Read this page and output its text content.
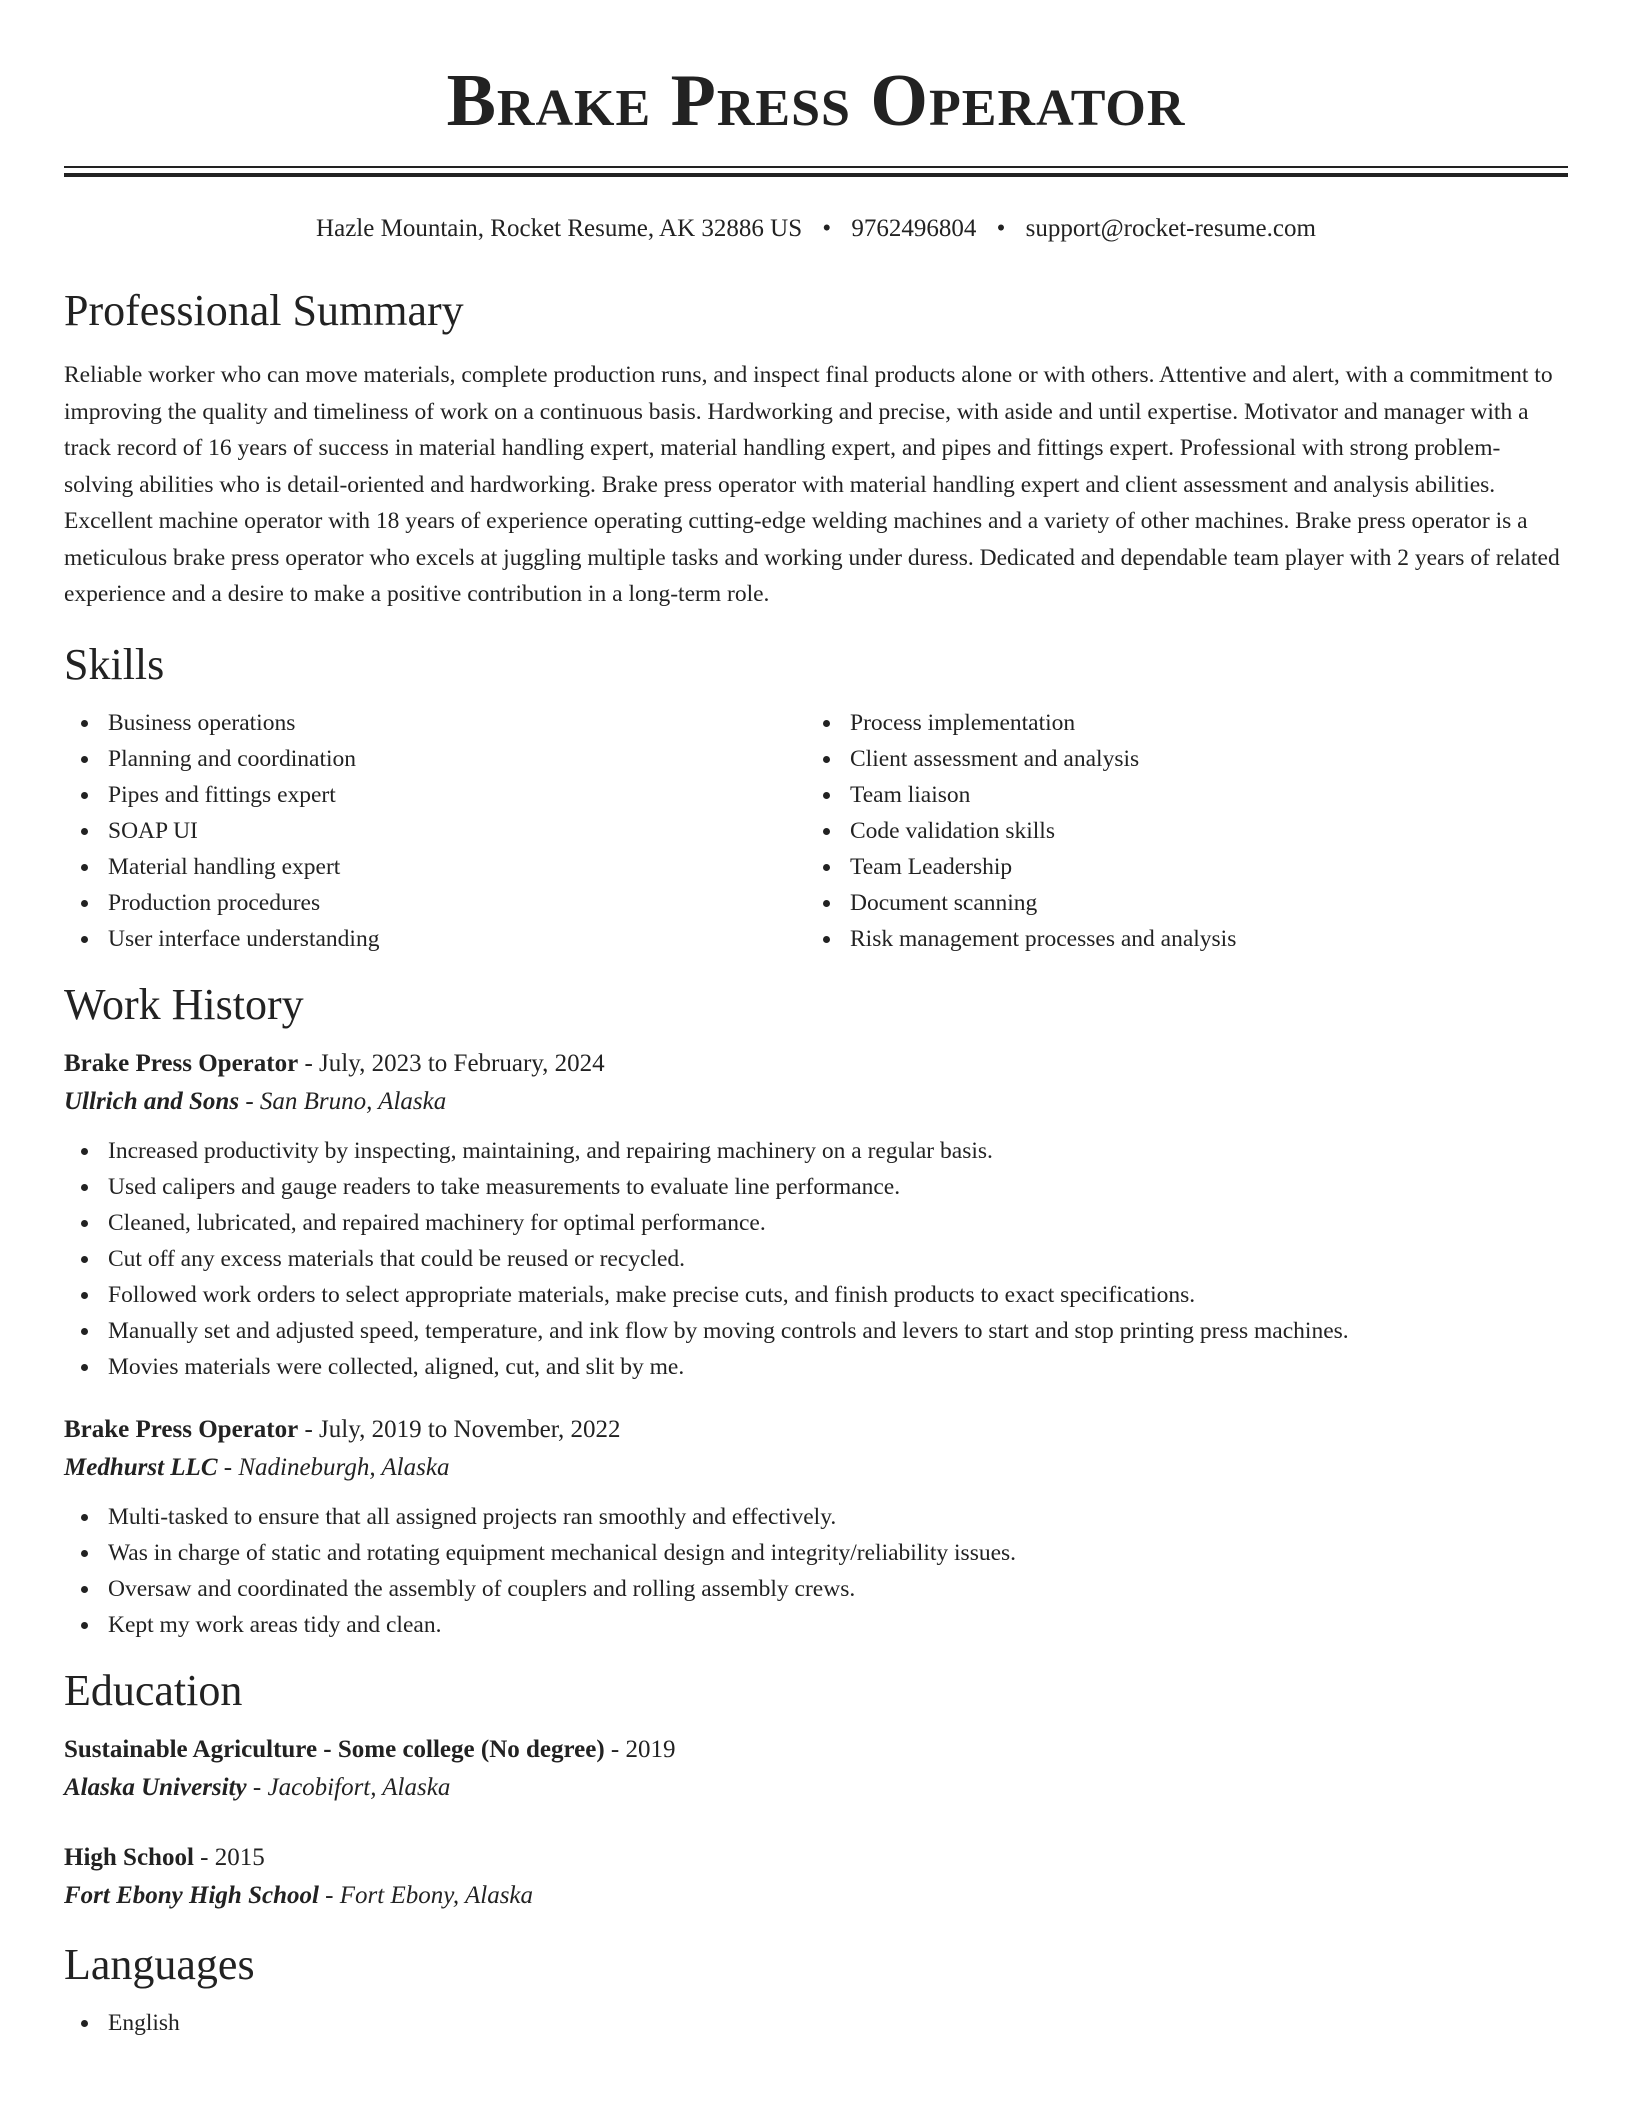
Brake Press Operator
Hazle Mountain, Rocket Resume, AK 32886 US • 9762496804 • support@rocket-resume.com
Professional Summary

Reliable worker who can move materials, complete production runs, and inspect final products alone or with others. Attentive and alert, with a commitment to improving the quality and timeliness of work on a continuous basis. Hardworking and precise, with aside and until expertise. Motivator and manager with a track record of 16 years of success in material handling expert, material handling expert, and pipes and fittings expert. Professional with strong problem-solving abilities who is detail-oriented and hardworking. Brake press operator with material handling expert and client assessment and analysis abilities. Excellent machine operator with 18 years of experience operating cutting-edge welding machines and a variety of other machines. Brake press operator is a meticulous brake press operator who excels at juggling multiple tasks and working under duress. Dedicated and dependable team player with 2 years of related experience and a desire to make a positive contribution in a long-term role.

Skills
Business operations
Planning and coordination
Pipes and fittings expert
SOAP UI
Material handling expert
Production procedures
User interface understanding
Process implementation
Client assessment and analysis
Team liaison
Code validation skills
Team Leadership
Document scanning
Risk management processes and analysis
Work History
Brake Press Operator - July, 2023 to February, 2024
Ullrich and Sons - San Bruno, Alaska
Increased productivity by inspecting, maintaining, and repairing machinery on a regular basis.
Used calipers and gauge readers to take measurements to evaluate line performance.
Cleaned, lubricated, and repaired machinery for optimal performance.
Cut off any excess materials that could be reused or recycled.
Followed work orders to select appropriate materials, make precise cuts, and finish products to exact specifications.
Manually set and adjusted speed, temperature, and ink flow by moving controls and levers to start and stop printing press machines.
Movies materials were collected, aligned, cut, and slit by me.
Brake Press Operator - July, 2019 to November, 2022
Medhurst LLC - Nadineburgh, Alaska
Multi-tasked to ensure that all assigned projects ran smoothly and effectively.
Was in charge of static and rotating equipment mechanical design and integrity/reliability issues.
Oversaw and coordinated the assembly of couplers and rolling assembly crews.
Kept my work areas tidy and clean.
Education
Sustainable Agriculture - Some college (No degree) - 2019
Alaska University - Jacobifort, Alaska
High School - 2015
Fort Ebony High School - Fort Ebony, Alaska
Languages
English
